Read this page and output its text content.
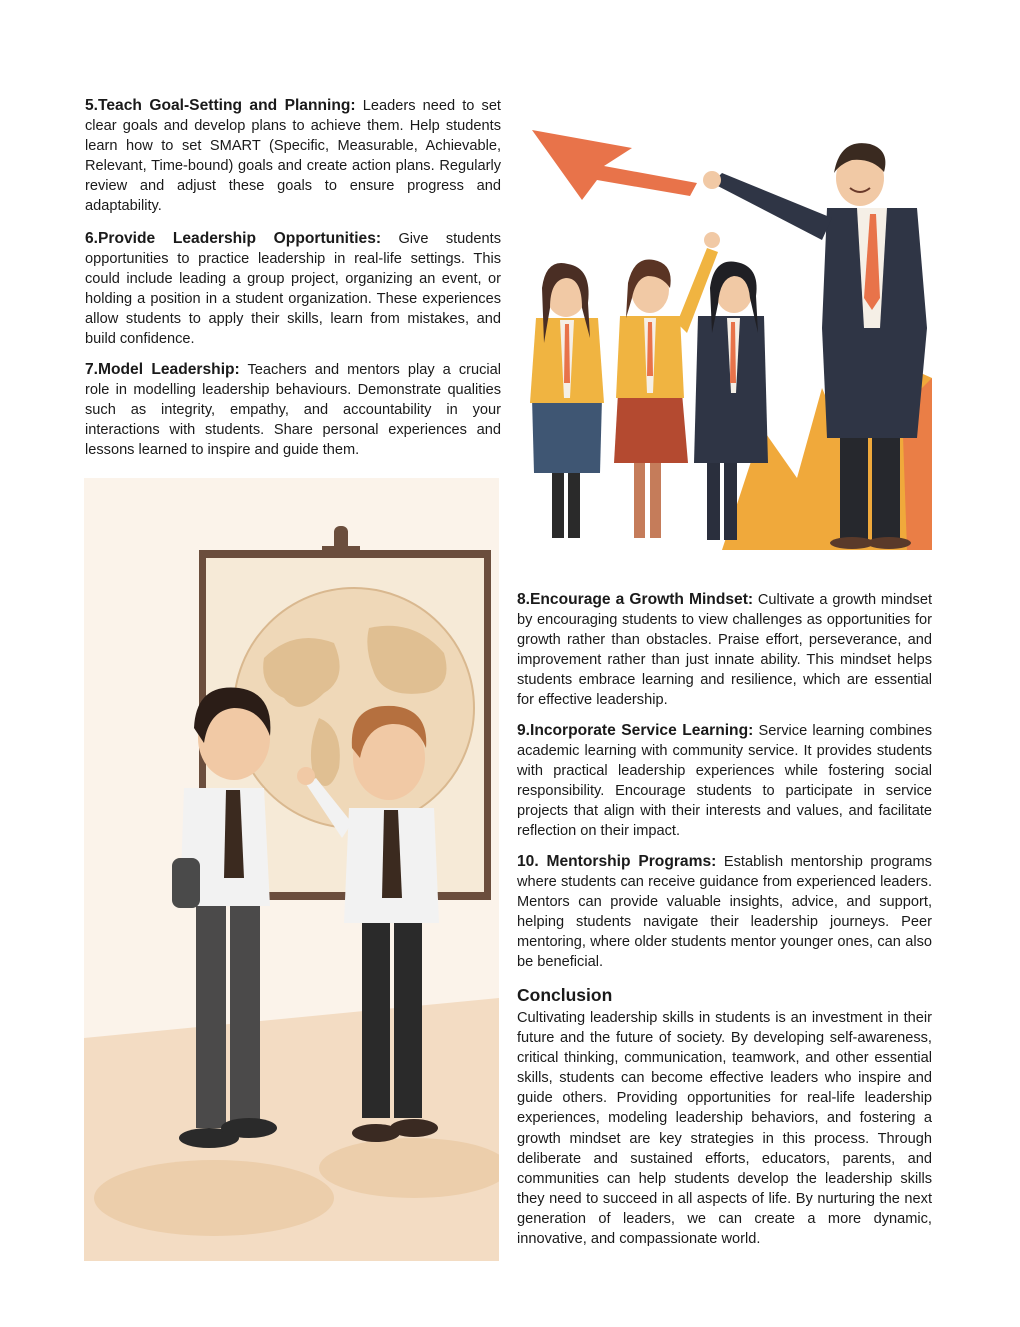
5.Teach Goal-Setting and Planning: Leaders need to set clear goals and develop plans to achieve them. Help students learn how to set SMART (Specific, Measurable, Achievable, Relevant, Time-bound) goals and create action plans. Regularly review and adjust these goals to ensure progress and adaptability.

6.Provide Leadership Opportunities: Give students opportunities to practice leadership in real-life settings. This could include leading a group project, organizing an event, or holding a position in a student organization. These experiences allow students to apply their skills, learn from mistakes, and build confidence.

7.Model Leadership: Teachers and mentors play a crucial role in modelling leadership behaviours. Demonstrate qualities such as integrity, empathy, and accountability in your interactions with students. Share personal experiences and lessons learned to inspire and guide them.

8.Encourage a Growth Mindset: Cultivate a growth mindset by encouraging students to view challenges as opportunities for growth rather than obstacles. Praise effort, perseverance, and improvement rather than just innate ability. This mindset helps students embrace learning and resilience, which are essential for effective leadership.

9.Incorporate Service Learning: Service learning combines academic learning with community service. It provides students with practical leadership experiences while fostering social responsibility. Encourage students to participate in service projects that align with their interests and values, and facilitate reflection on their impact.

10. Mentorship Programs: Establish mentorship programs where students can receive guidance from experienced leaders. Mentors can provide valuable insights, advice, and support, helping students navigate their leadership journeys. Peer mentoring, where older students mentor younger ones, can also be beneficial.

Conclusion

Cultivating leadership skills in students is an investment in their future and the future of society. By developing self-awareness, critical thinking, communication, teamwork, and other essential skills, students can become effective leaders who inspire and guide others. Providing opportunities for real-life leadership experiences, modeling leadership behaviors, and fostering a growth mindset are key strategies in this process. Through deliberate and sustained efforts, educators, parents, and communities can help students develop the leadership skills they need to succeed in all aspects of life. By nurturing the next generation of leaders, we can create a more dynamic, innovative, and compassionate world.
